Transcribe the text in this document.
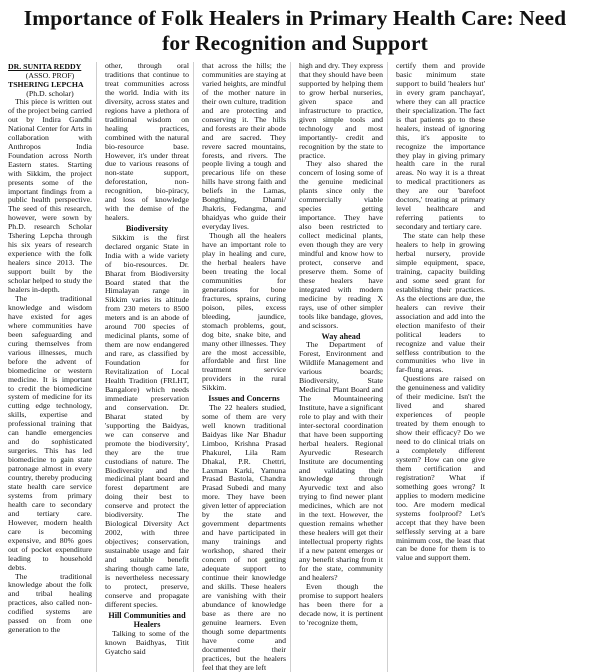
Importance of Folk Healers in Primary Health Care: Need for Recognition and Support
DR. SUNITA REDDY
(ASSO. PROF)
TSHERING LEPCHA
(Ph.D. scholar)

This piece is written out of the project being carried out by Indira Gandhi National Center for Arts in collaboration with Anthropos India Foundation across North Eastern states. Starting with Sikkim, the project presents some of the important findings from a public health perspective. The seed of this research, however, were sown by Ph.D. research Scholar Tshering Lepcha through his six years of research experience with the folk healers since 2013. The support built by the scholar helped to study the healers in-depth.

The traditional knowledge and wisdom have existed for ages where communities have been safeguarding and curing themselves from various illnesses, much before the advent of biomedicine or western medicine. It is important to credit the biomedicine system of medicine for its cutting edge technology, skills, expertise and professional training that can handle emergencies and do sophisticated surgeries. This has led biomedicine to gain state patronage almost in every country, thereby producing state health care service systems from primary health care to secondary and tertiary care. However, modern health care is becoming expensive, and 80% goes out of pocket expenditure leading to household debts.

The traditional knowledge about the folk and tribal healing practices, also called non-codified systems are passed on from one generation to the

other, through oral traditions that continue to treat communities across the world. India with its diversity, across states and regions have a plethora of traditional wisdom on healing practices, combined with the natural bio-resource base. However, it's under threat due to various reasons of non-state support, deforestation, non-recognition, bio-piracy, and loss of knowledge with the demise of the healers.

Biodiversity

Sikkim is the first declared organic State in India with a wide variety of bio-resources. Dr. Bharat from Biodiversity Board stated that the Himalayan range in Sikkim varies its altitude from 230 meters to 8500 meters and is an abode of around 700 species of medicinal plants, some of them are now endangered and rare, as classified by Foundation for Revitalization of Local Health Tradition (FRLHT, Bangalore) which needs immediate preservation and conservation. Dr. Bharat stated by 'supporting the Baidyas, we can conserve and promote the biodiversity', they are the true custodians of nature. The Biodiversity and the medicinal plant board and forest department are doing their best to conserve and protect the biodiversity. The Biological Diversity Act 2002, with three objectives; conservation, sustainable usage and fair and suitable benefit sharing though came late, is nevertheless necessary to protect, preserve, conserve and propagate different species.

Hill Communities and Healers

Talking to some of the known Baidhyas, Titit Gyatcho said

that across the hills; the communities are staying at varied heights, are mindful of the mother nature in their own culture, tradition and are protecting and conserving it. The hills and forests are their abode and are sacred. They revere sacred mountains, forests, and rivers. The people living a tough and precarious life on these hills have strong faith and beliefs in the Lamas, Bongthing, Dhami/ Jhakris, Fedangma, and bhaidyas who guide their everyday lives.

Though all the healers have an important role to play in healing and cure, the herbal healers have been treating the local communities for generations for bone fractures, sprains, curing poison, piles, excess bleeding, jaundice, stomach problems, gout, dog bite, snake bite, and many other illnesses. They are the most accessible, affordable and first line treatment service providers in the rural Sikkim.

Issues and Concerns

The 22 healers studied, some of them are very well known traditional Baidyas like Nar Bhadur Limboo, Krishna Prasad Phakurel, Lila Ram Dhakal, P.R. Chettri, Laxman Karki, Yamuna Prasad Bastola, Chandra Prasad Subedi and many more. They have been given letter of appreciation by the state and government departments and have participated in many trainings and workshop, shared their concern of not getting adequate support to continue their knowledge and skills. These healers are vanishing with their abundance of knowledge base as there are no genuine learners. Even though some departments have come and documented their practices, but the healers feel that they are left

high and dry. They express that they should have been supported by helping them to grow herbal nurseries, given space and infrastructure to practice, given simple tools and technology and most importantly- credit and recognition by the state to practice.

They also shared the concern of losing some of the genuine medicinal plants since only the commercially viable species getting importance. They have also been restricted to collect medicinal plants, even though they are very mindful and know how to protect, conserve and preserve them. Some of these healers have integrated with modern medicine by reading X rays, use of other simpler tools like bandage, gloves, and scissors.

Way ahead

The Department of Forest, Environment and Wildlife Management and various boards; Biodiversity, State Medicinal Plant Board and The Mountaineering Institute, have a significant role to play and with their inter-sectoral coordination that have been supporting herbal healers. Regional Ayurvedic Research Institute are documenting and validating their knowledge through Ayurvedic text and also trying to find newer plant medicines, which are not in the text. However, the question remains whether these healers will get their intellectual property rights if a new patent emerges or any benefit sharing from it for the state, community and healers?

Even though the promise to support healers has been there for a decade now, it is pertinent to 'recognize them,

certify them and provide basic minimum state support to build 'healers hut' in every gram panchayat', where they can all practice their specialization. The fact is that patients go to these healers, instead of ignoring this, it's apposite to recognize the importance they play in giving primary health care in the rural areas. No way it is a threat to medical practitioners as they are our 'barefoot doctors,' treating at primary level healthcare and referring patients to secondary and tertiary care.

The state can help these healers to help in growing herbal nursery, provide simple equipment, space, training, capacity building and some seed grant for establishing their practices. As the elections are due, the healers can revive their association and add into the election manifesto of their political leaders to recognize and value their selfless contribution to the communities who live in far-flung areas.

Questions are raised on the genuineness and validity of their medicine. Isn't the lived and shared experiences of people treated by them enough to show their efficacy? Do we need to do clinical trials on a completely different system? How can one give them certification and registration? What if something goes wrong? It applies to modern medicine too. Are modern medical systems foolproof? Let's accept that they have been selflessly serving at a bare minimum cost, the least that can be done for them is to value and support them.
